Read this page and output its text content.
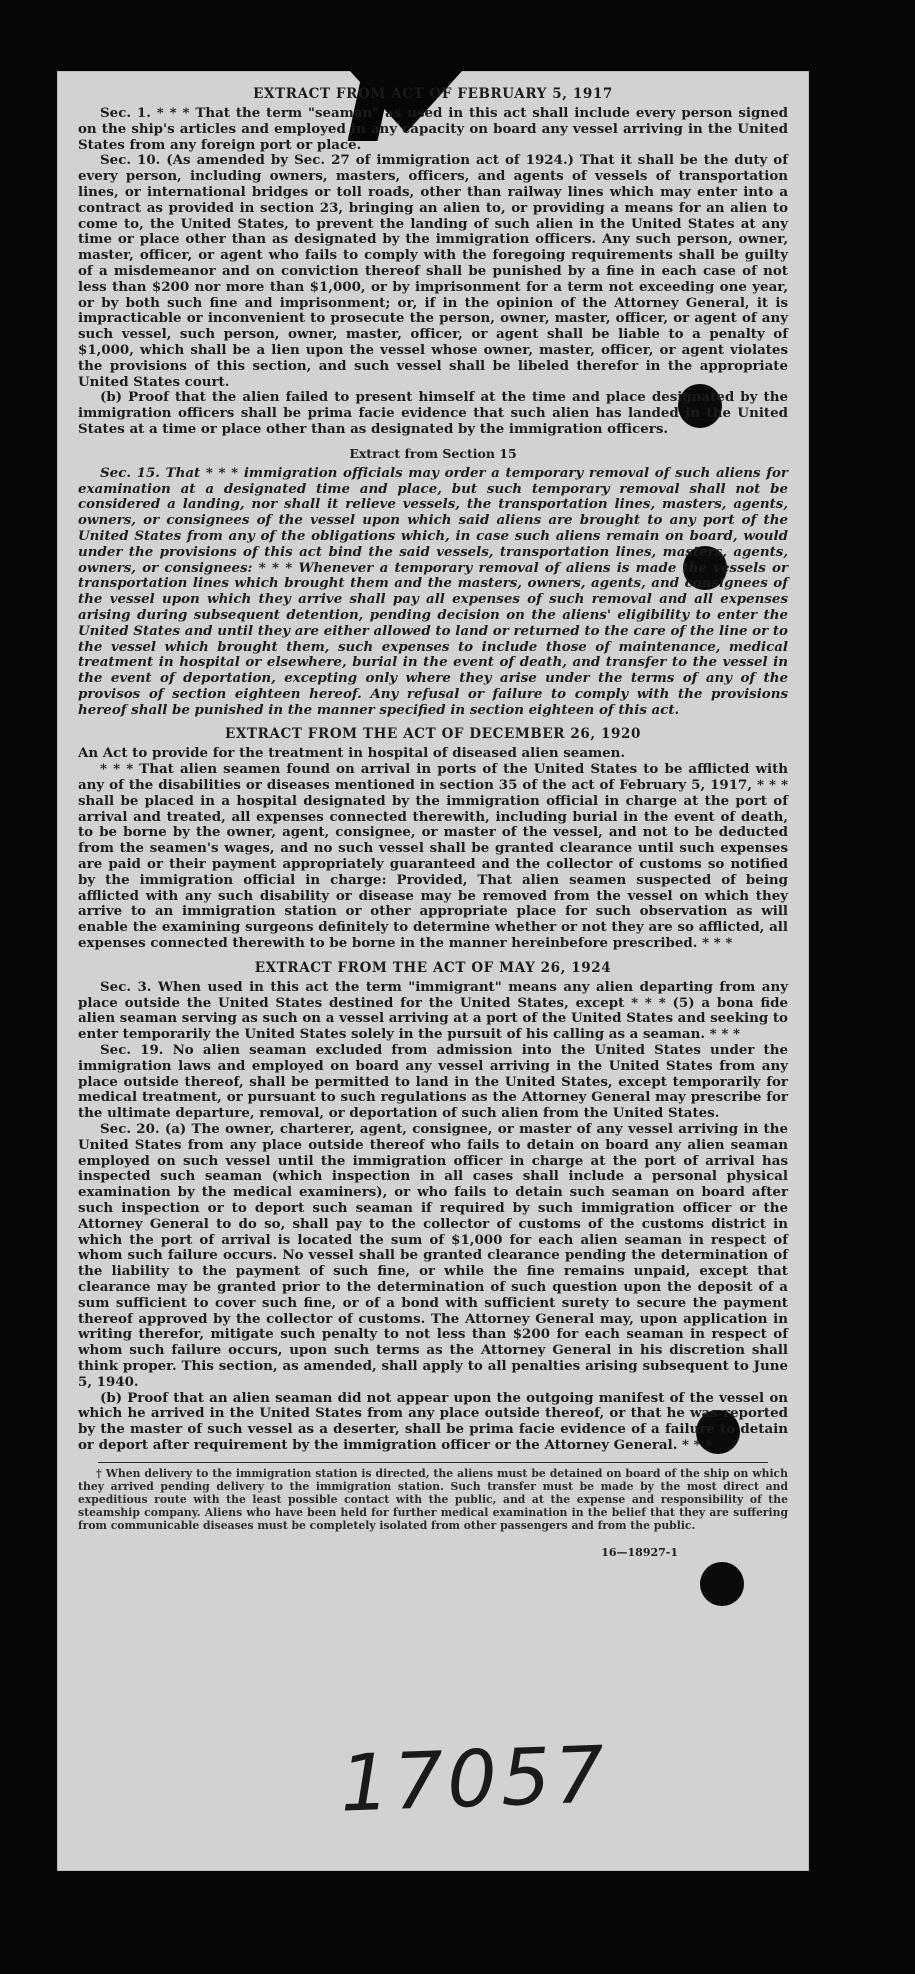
EXTRACT FROM ACT OF FEBRUARY 5, 1917

Sec. 1. * * * That the term "seaman" as used in this act shall include every person signed on the ship's articles and employed in any capacity on board any vessel arriving in the United States from any foreign port or place.

Sec. 10. (As amended by Sec. 27 of immigration act of 1924.) That it shall be the duty of every person, including owners, masters, officers, and agents of vessels of transportation lines, or international bridges or toll roads, other than railway lines which may enter into a contract as provided in section 23, bringing an alien to, or providing a means for an alien to come to, the United States, to prevent the landing of such alien in the United States at any time or place other than as designated by the immigration officers. Any such person, owner, master, officer, or agent who fails to comply with the foregoing requirements shall be guilty of a misdemeanor and on conviction thereof shall be punished by a fine in each case of not less than $200 nor more than $1,000, or by imprisonment for a term not exceeding one year, or by both such fine and imprisonment; or, if in the opinion of the Attorney General, it is impracticable or inconvenient to prosecute the person, owner, master, officer, or agent of any such vessel, such person, owner, master, officer, or agent shall be liable to a penalty of $1,000, which shall be a lien upon the vessel whose owner, master, officer, or agent violates the provisions of this section, and such vessel shall be libeled therefor in the appropriate United States court.

(b) Proof that the alien failed to present himself at the time and place designated by the immigration officers shall be prima facie evidence that such alien has landed in the United States at a time or place other than as designated by the immigration officers.

Extract from Section 15

Sec. 15. That * * * immigration officials may order a temporary removal of such aliens for examination at a designated time and place, but such temporary removal shall not be considered a landing, nor shall it relieve vessels, the transportation lines, masters, agents, owners, or consignees of the vessel upon which said aliens are brought to any port of the United States from any of the obligations which, in case such aliens remain on board, would under the provisions of this act bind the said vessels, transportation lines, masters, agents, owners, or consignees: * * * Whenever a temporary removal of aliens is made the vessels or transportation lines which brought them and the masters, owners, agents, and consignees of the vessel upon which they arrive shall pay all expenses of such removal and all expenses arising during subsequent detention, pending decision on the aliens' eligibility to enter the United States and until they are either allowed to land or returned to the care of the line or to the vessel which brought them, such expenses to include those of maintenance, medical treatment in hospital or elsewhere, burial in the event of death, and transfer to the vessel in the event of deportation, excepting only where they arise under the terms of any of the provisos of section eighteen hereof. Any refusal or failure to comply with the provisions hereof shall be punished in the manner specified in section eighteen of this act.

EXTRACT FROM THE ACT OF DECEMBER 26, 1920

An Act to provide for the treatment in hospital of diseased alien seamen.

* * * That alien seamen found on arrival in ports of the United States to be afflicted with any of the disabilities or diseases mentioned in section 35 of the act of February 5, 1917, * * * shall be placed in a hospital designated by the immigration official in charge at the port of arrival and treated, all expenses connected therewith, including burial in the event of death, to be borne by the owner, agent, consignee, or master of the vessel, and not to be deducted from the seamen's wages, and no such vessel shall be granted clearance until such expenses are paid or their payment appropriately guaranteed and the collector of customs so notified by the immigration official in charge: Provided, That alien seamen suspected of being afflicted with any such disability or disease may be removed from the vessel on which they arrive to an immigration station or other appropriate place for such observation as will enable the examining surgeons definitely to determine whether or not they are so afflicted, all expenses connected therewith to be borne in the manner hereinbefore prescribed. * * *

EXTRACT FROM THE ACT OF MAY 26, 1924

Sec. 3. When used in this act the term "immigrant" means any alien departing from any place outside the United States destined for the United States, except * * * (5) a bona fide alien seaman serving as such on a vessel arriving at a port of the United States and seeking to enter temporarily the United States solely in the pursuit of his calling as a seaman. * * *

Sec. 19. No alien seaman excluded from admission into the United States under the immigration laws and employed on board any vessel arriving in the United States from any place outside thereof, shall be permitted to land in the United States, except temporarily for medical treatment, or pursuant to such regulations as the Attorney General may prescribe for the ultimate departure, removal, or deportation of such alien from the United States.

Sec. 20. (a) The owner, charterer, agent, consignee, or master of any vessel arriving in the United States from any place outside thereof who fails to detain on board any alien seaman employed on such vessel until the immigration officer in charge at the port of arrival has inspected such seaman (which inspection in all cases shall include a personal physical examination by the medical examiners), or who fails to detain such seaman on board after such inspection or to deport such seaman if required by such immigration officer or the Attorney General to do so, shall pay to the collector of customs of the customs district in which the port of arrival is located the sum of $1,000 for each alien seaman in respect of whom such failure occurs. No vessel shall be granted clearance pending the determination of the liability to the payment of such fine, or while the fine remains unpaid, except that clearance may be granted prior to the determination of such question upon the deposit of a sum sufficient to cover such fine, or of a bond with sufficient surety to secure the payment thereof approved by the collector of customs. The Attorney General may, upon application in writing therefor, mitigate such penalty to not less than $200 for each seaman in respect of whom such failure occurs, upon such terms as the Attorney General in his discretion shall think proper. This section, as amended, shall apply to all penalties arising subsequent to June 5, 1940.

(b) Proof that an alien seaman did not appear upon the outgoing manifest of the vessel on which he arrived in the United States from any place outside thereof, or that he was reported by the master of such vessel as a deserter, shall be prima facie evidence of a failure to detain or deport after requirement by the immigration officer or the Attorney General. * * *

† When delivery to the immigration station is directed, the aliens must be detained on board of the ship on which they arrived pending delivery to the immigration station. Such transfer must be made by the most direct and expeditious route with the least possible contact with the public, and at the expense and responsibility of the steamship company. Aliens who have been held for further medical examination in the belief that they are suffering from communicable diseases must be completely isolated from other passengers and from the public.

16—18927-1
17057
